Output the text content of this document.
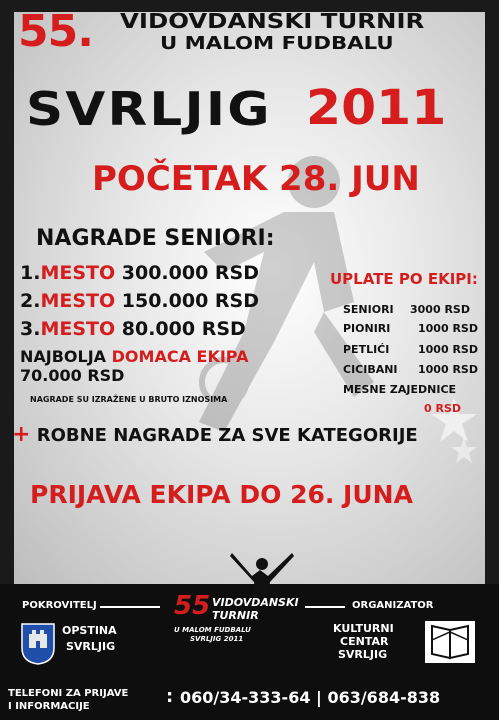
55. VIDOVDANSKI TURNIR
U MALOM FUDBALU
SVRLJIG 2011
POČETAK 28. JUN
NAGRADE SENIORI:
1.MESTO 300.000 RSD
2.MESTO 150.000 RSD
3.MESTO 80.000 RSD
NAJBOLJA DOMACA EKIPA
70.000 RSD
NAGRADE SU IZRAŽENE U BRUTO IZNOSIMA
UPLATE PO EKIPI:
SENIORI 3000 RSD
PIONIRI	1000 RSD
PETLIĆI	1000 RSD
CICIBANI 1000 RSD
MESNE ZAJEDNICE
0 RSD
+ ROBNE NAGRADE ZA SVE KATEGORIJE
PRIJAVA EKIPA DO 26. JUNA
POKROVITELJ	ORGANIZATOR
OPSTINA
SVRLJIG
55 VIDOVDANSKI
TURNIR
U MALOM FUDBALU
SVRLJIG 2011
KULTURNI
CENTAR
SVRLJIG
TELEFONI ZA PRIJAVE
I INFORMACIJE	: 060/34-333-64 | 063/684-838
